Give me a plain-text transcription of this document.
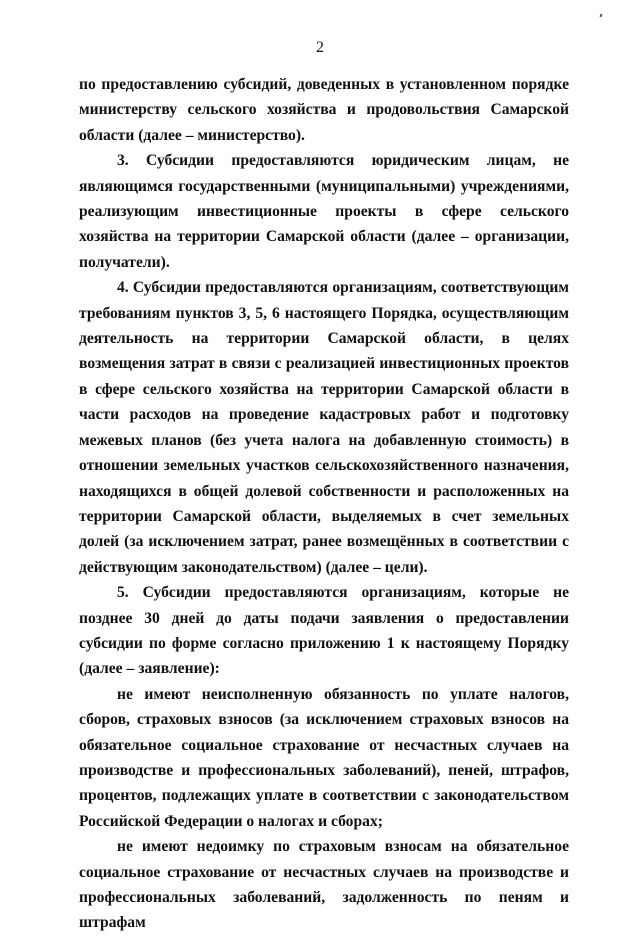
2

по предоставлению субсидий, доведенных в установленном порядке министерству сельского хозяйства и продовольствия Самарской области (далее – министерство).

3. Субсидии предоставляются юридическим лицам, не являющимся государственными (муниципальными) учреждениями, реализующим инвестиционные проекты в сфере сельского хозяйства на территории Самарской области (далее – организации, получатели).

4. Субсидии предоставляются организациям, соответствующим требованиям пунктов 3, 5, 6 настоящего Порядка, осуществляющим деятельность на территории Самарской области, в целях возмещения затрат в связи с реализацией инвестиционных проектов в сфере сельского хозяйства на территории Самарской области в части расходов на проведение кадастровых работ и подготовку межевых планов (без учета налога на добавленную стоимость) в отношении земельных участков сельскохозяйственного назначения, находящихся в общей долевой собственности и расположенных на территории Самарской области, выделяемых в счет земельных долей (за исключением затрат, ранее возмещённых в соответствии с действующим законодательством) (далее – цели).

5. Субсидии предоставляются организациям, которые не позднее 30 дней до даты подачи заявления о предоставлении субсидии по форме согласно приложению 1 к настоящему Порядку (далее – заявление):

не имеют неисполненную обязанность по уплате налогов, сборов, страховых взносов (за исключением страховых взносов на обязательное социальное страхование от несчастных случаев на производстве и профессиональных заболеваний), пеней, штрафов, процентов, подлежащих уплате в соответствии с законодательством Российской Федерации о налогах и сборах;

не имеют недоимку по страховым взносам на обязательное социальное страхование от несчастных случаев на производстве и профессиональных заболеваний, задолженность по пеням и штрафам
